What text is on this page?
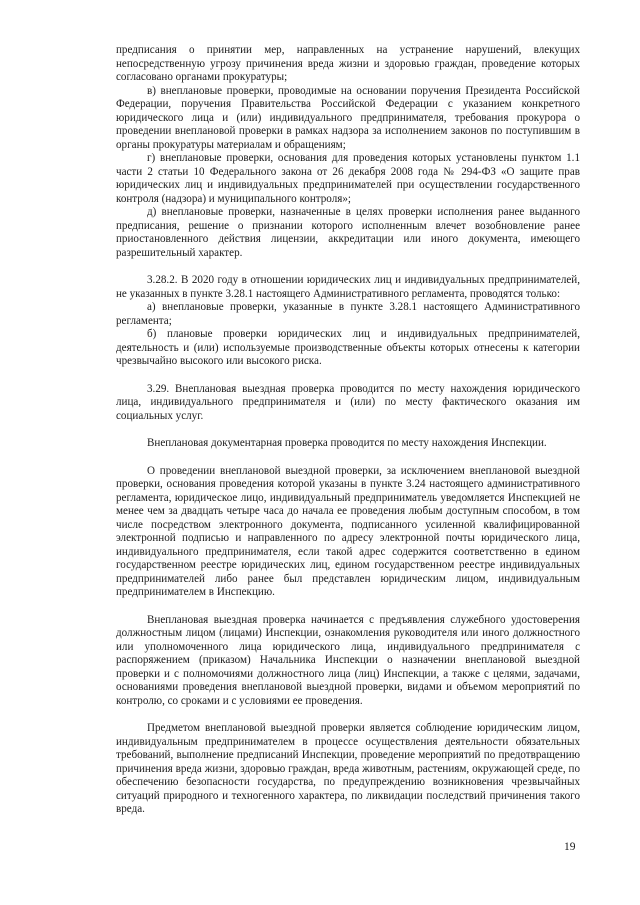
предписания о принятии мер, направленных на устранение нарушений, влекущих непосредственную угрозу причинения вреда жизни и здоровью граждан, проведение которых согласовано органами прокуратуры;

в) внеплановые проверки, проводимые на основании поручения Президента Российской Федерации, поручения Правительства Российской Федерации с указанием конкретного юридического лица и (или) индивидуального предпринимателя, требования прокурора о проведении внеплановой проверки в рамках надзора за исполнением законов по поступившим в органы прокуратуры материалам и обращениям;

г) внеплановые проверки, основания для проведения которых установлены пунктом 1.1 части 2 статьи 10 Федерального закона от 26 декабря 2008 года № 294-ФЗ «О защите прав юридических лиц и индивидуальных предпринимателей при осуществлении государственного контроля (надзора) и муниципального контроля»;

д) внеплановые проверки, назначенные в целях проверки исполнения ранее выданного предписания, решение о признании которого исполненным влечет возобновление ранее приостановленного действия лицензии, аккредитации или иного документа, имеющего разрешительный характер.

3.28.2. В 2020 году в отношении юридических лиц и индивидуальных предпринимателей, не указанных в пункте 3.28.1 настоящего Административного регламента, проводятся только:

а) внеплановые проверки, указанные в пункте 3.28.1 настоящего Административного регламента;

б) плановые проверки юридических лиц и индивидуальных предпринимателей, деятельность и (или) используемые производственные объекты которых отнесены к категории чрезвычайно высокого или высокого риска.

3.29. Внеплановая выездная проверка проводится по месту нахождения юридического лица, индивидуального предпринимателя и (или) по месту фактического оказания им социальных услуг.

Внеплановая документарная проверка проводится по месту нахождения Инспекции.

О проведении внеплановой выездной проверки, за исключением внеплановой выездной проверки, основания проведения которой указаны в пункте 3.24 настоящего административного регламента, юридическое лицо, индивидуальный предприниматель уведомляется Инспекцией не менее чем за двадцать четыре часа до начала ее проведения любым доступным способом, в том числе посредством электронного документа, подписанного усиленной квалифицированной электронной подписью и направленного по адресу электронной почты юридического лица, индивидуального предпринимателя, если такой адрес содержится соответственно в едином государственном реестре юридических лиц, едином государственном реестре индивидуальных предпринимателей либо ранее был представлен юридическим лицом, индивидуальным предпринимателем в Инспекцию.

Внеплановая выездная проверка начинается с предъявления служебного удостоверения должностным лицом (лицами) Инспекции, ознакомления руководителя или иного должностного или уполномоченного лица юридического лица, индивидуального предпринимателя с распоряжением (приказом) Начальника Инспекции о назначении внеплановой выездной проверки и с полномочиями должностного лица (лиц) Инспекции, а также с целями, задачами, основаниями проведения внеплановой выездной проверки, видами и объемом мероприятий по контролю, со сроками и с условиями ее проведения.

Предметом внеплановой выездной проверки является соблюдение юридическим лицом, индивидуальным предпринимателем в процессе осуществления деятельности обязательных требований, выполнение предписаний Инспекции, проведение мероприятий по предотвращению причинения вреда жизни, здоровью граждан, вреда животным, растениям, окружающей среде, по обеспечению безопасности государства, по предупреждению возникновения чрезвычайных ситуаций природного и техногенного характера, по ликвидации последствий причинения такого вреда.

19
